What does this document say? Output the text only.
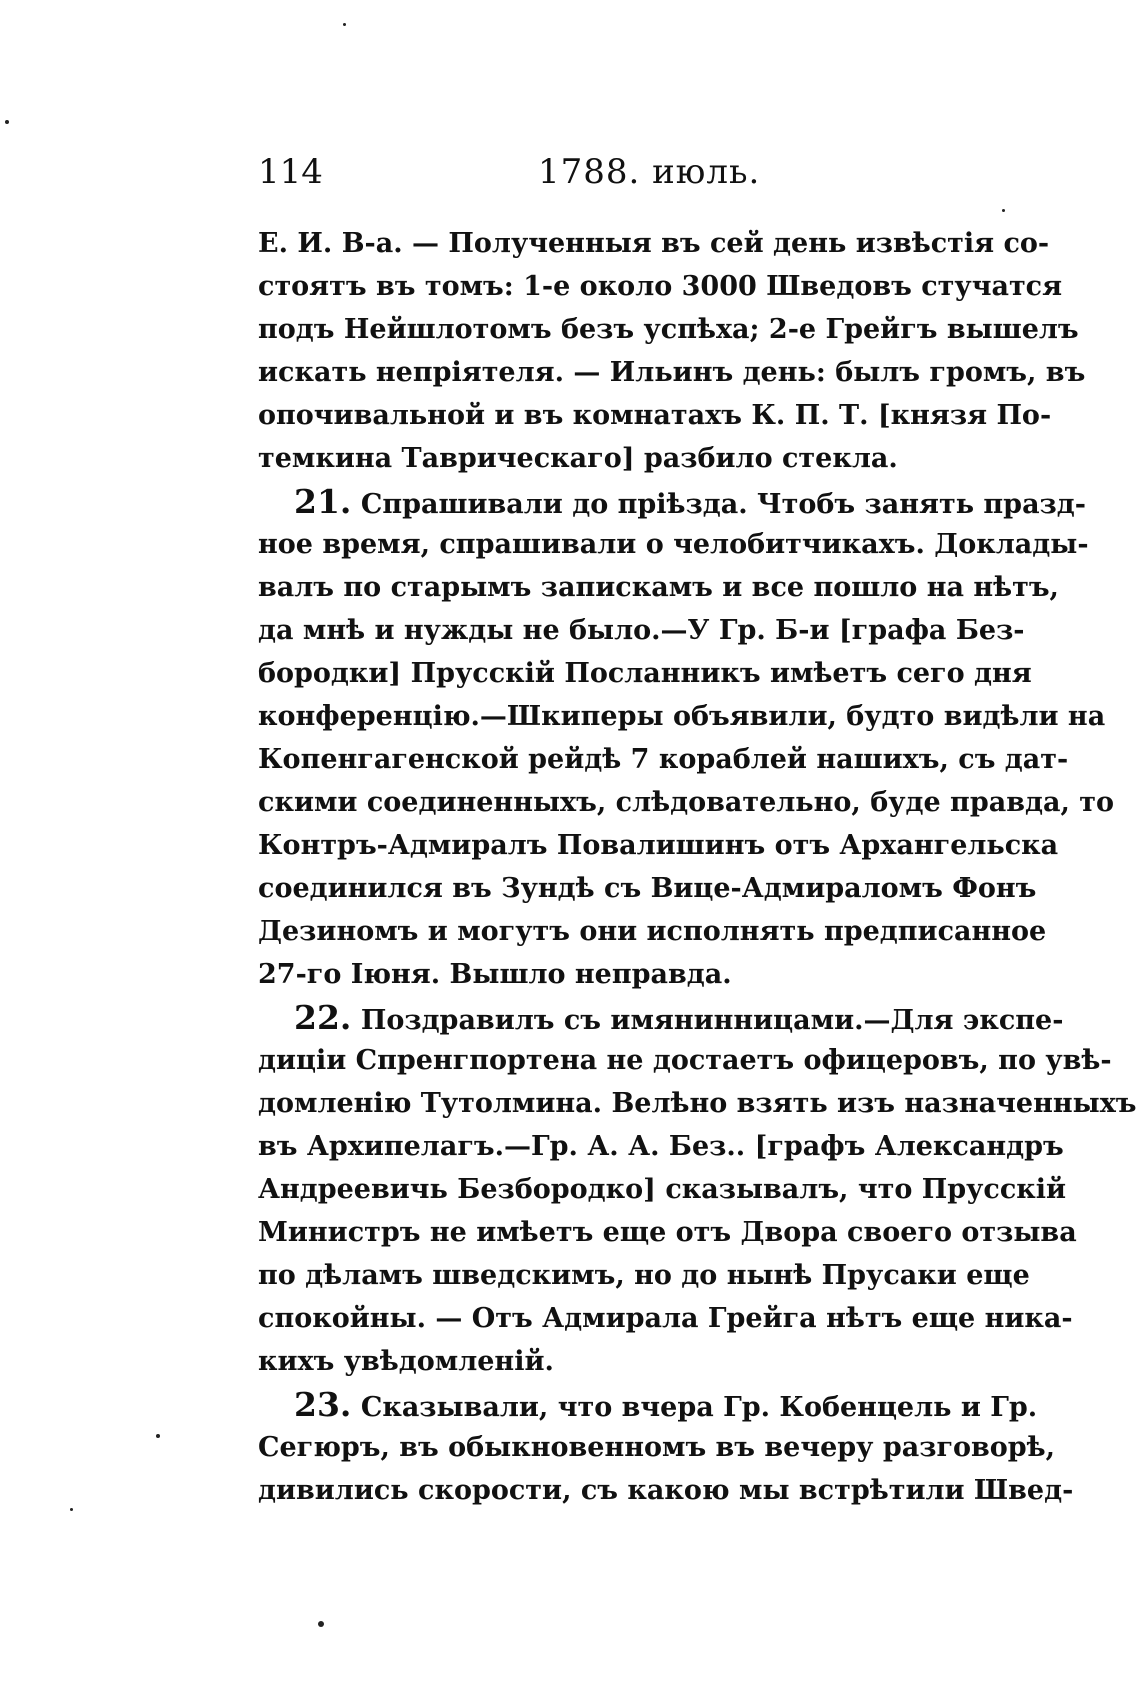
114	1788. июль.
Е. И. В-а. — Полученныя въ сей день извѣстія со-
стоятъ въ томъ: 1-е около 3000 Шведовъ стучатся
подъ Нейшлотомъ безъ успѣха; 2-е Грейгъ вышелъ
искать непріятеля. — Ильинъ день: былъ громъ, въ
опочивальной и въ комнатахъ К. П. Т. [князя По-
темкина Таврическаго] разбило стекла.
21. Спрашивали до пріѣзда. Чтобъ занять празд-
ное время, спрашивали о челобитчикахъ. Доклады-
валъ по старымъ запискамъ и все пошло на нѣтъ,
да мнѣ и нужды не было.—У Гр. Б-и [графа Без-
бородки] Прусскій Посланникъ имѣетъ сего дня
конференцію.—Шкиперы объявили, будто видѣли на
Копенгагенской рейдѣ 7 кораблей нашихъ, съ дат-
скими соединенныхъ, слѣдовательно, буде правда, то
Контръ-Адмиралъ Повалишинъ отъ Архангельска
соединился въ Зундѣ съ Вице-Адмираломъ Фонъ
Дезиномъ и могутъ они исполнять предписанное
27-го Іюня. Вышло неправда.
22. Поздравилъ съ имянинницами.—Для экспе-
диціи Спренгпортена не достаетъ офицеровъ, по увѣ-
домленію Тутолмина. Велѣно взять изъ назначенныхъ
въ Архипелагъ.—Гр. А. А. Без.. [графъ Александръ
Андреевичь Безбородко] сказывалъ, что Прусскій
Министръ не имѣетъ еще отъ Двора своего отзыва
по дѣламъ шведскимъ, но до нынѣ Прусаки еще
спокойны. — Отъ Адмирала Грейга нѣтъ еще ника-
кихъ увѣдомленій.
23. Сказывали, что вчера Гр. Кобенцель и Гр.
Сегюръ, въ обыкновенномъ въ вечеру разговорѣ,
дивились скорости, съ какою мы встрѣтили Швед-
